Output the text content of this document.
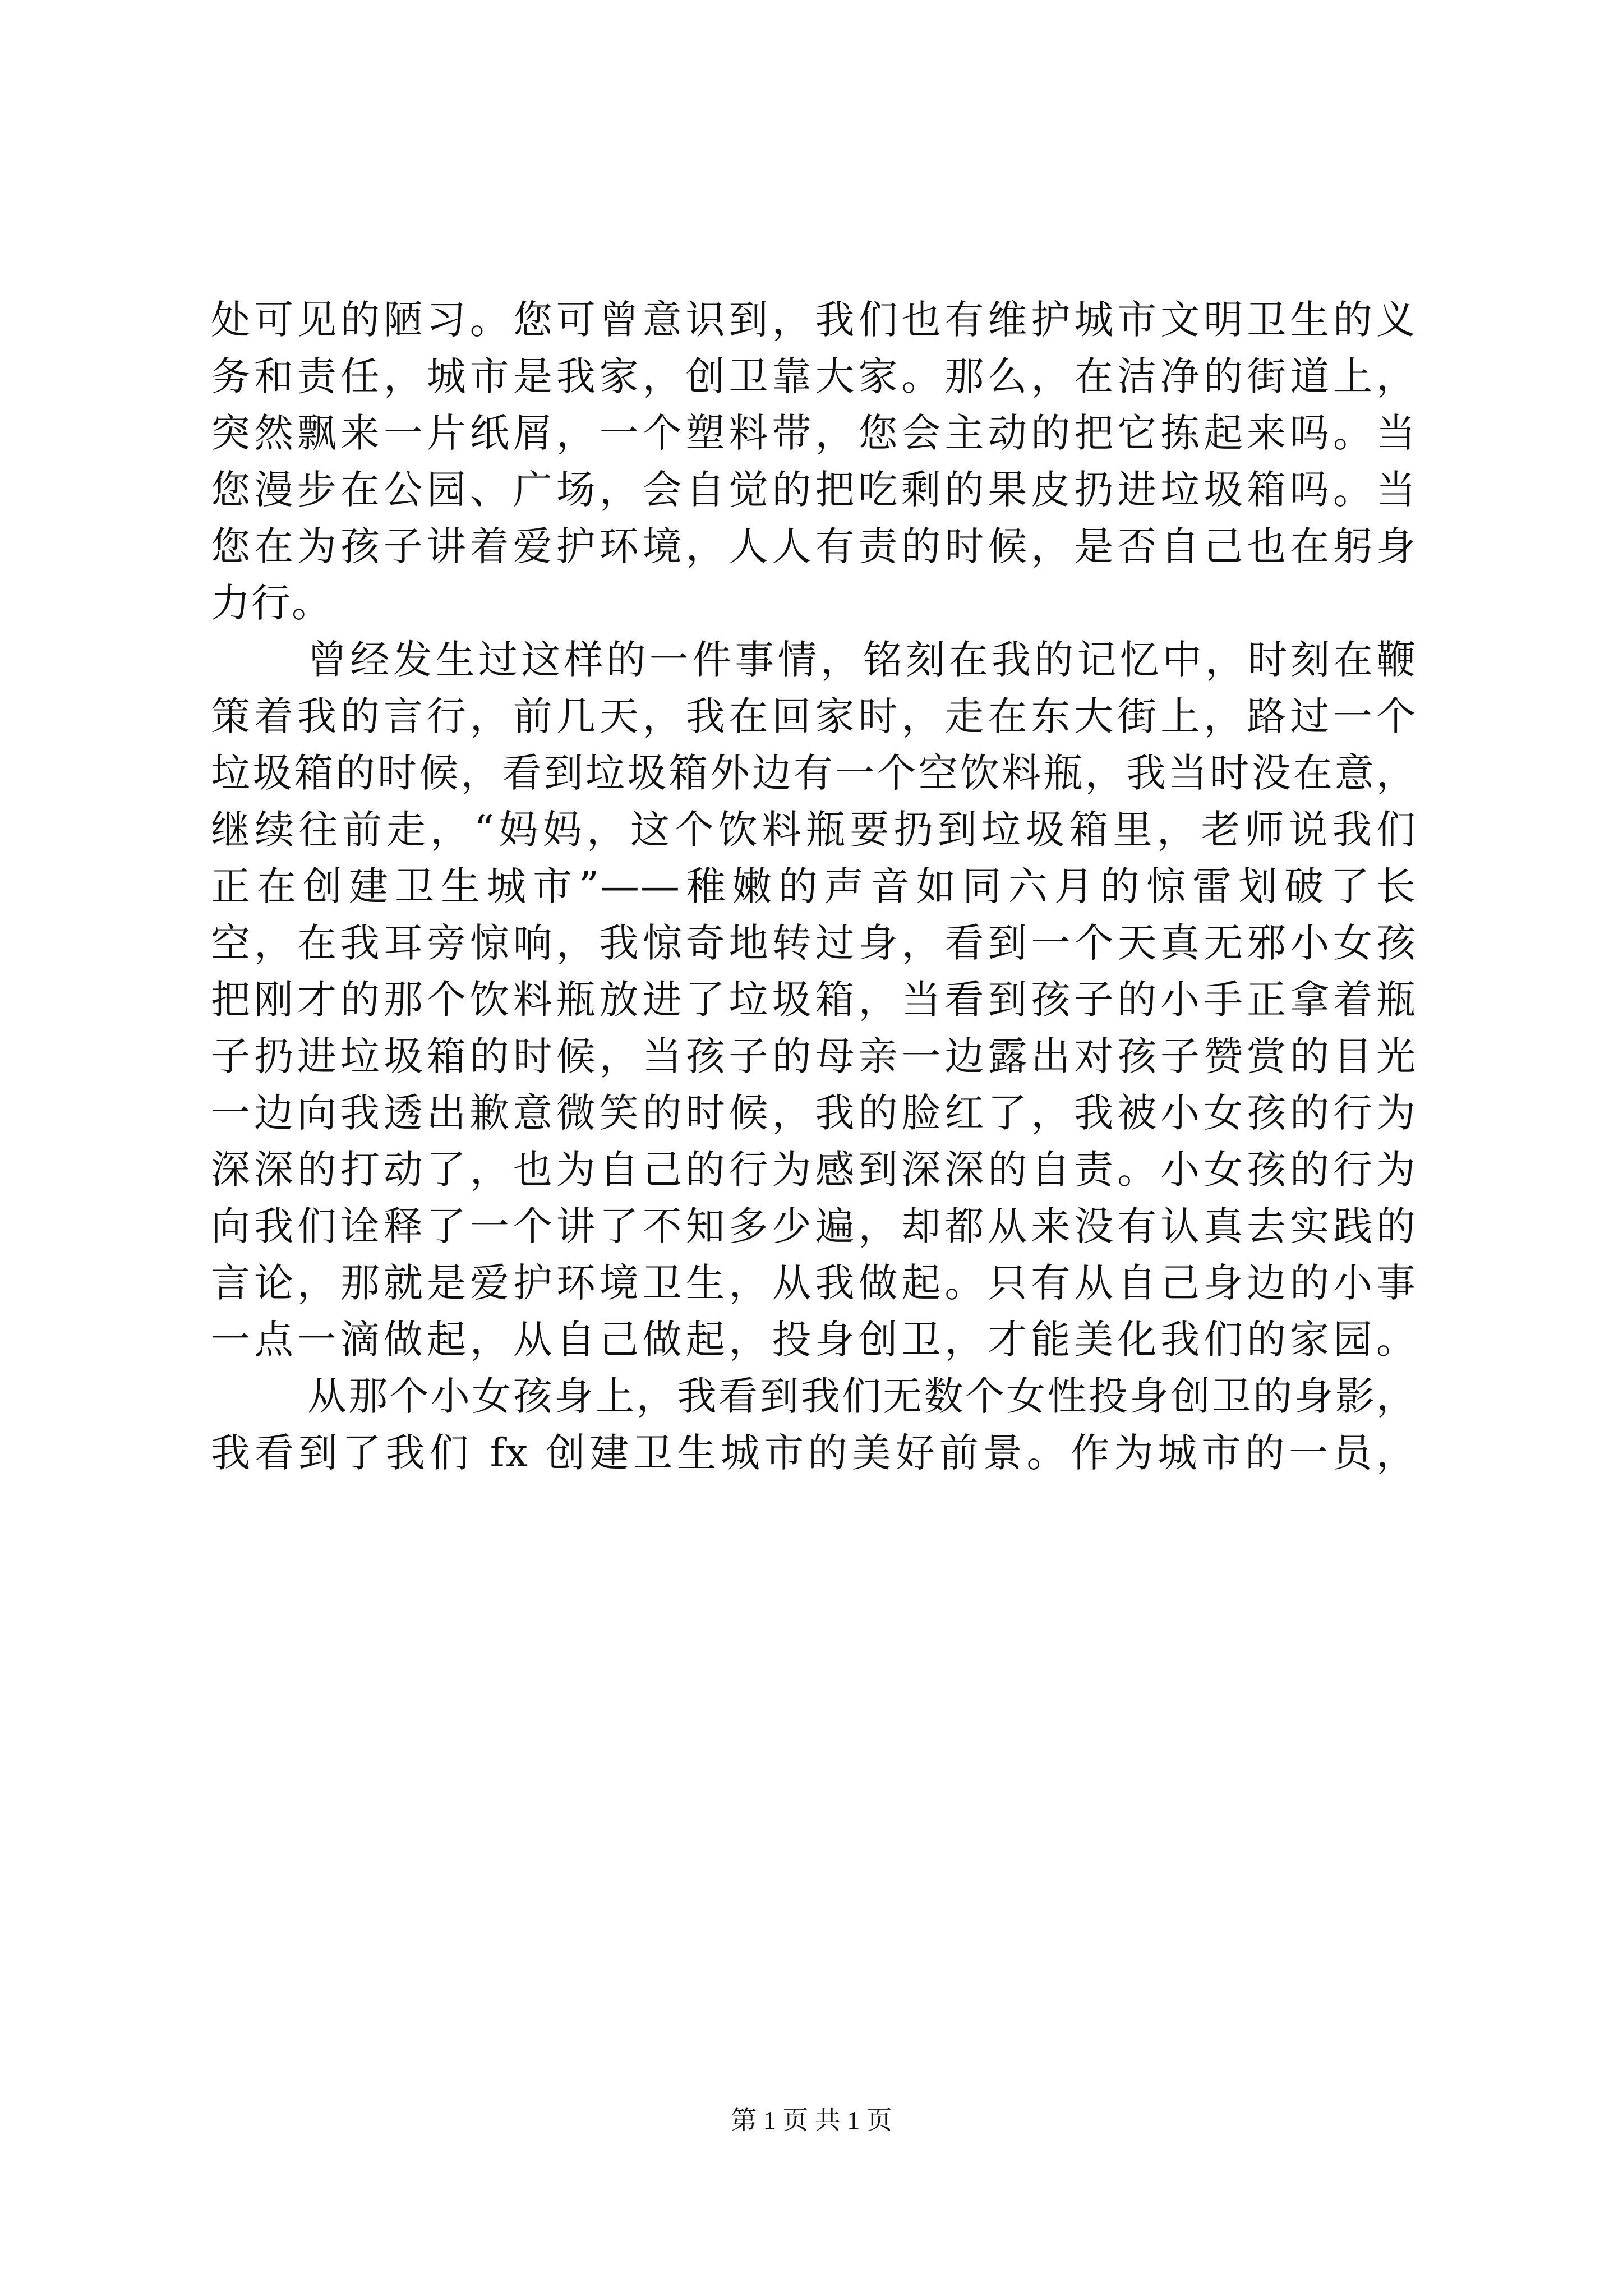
处可见的陋习。您可曾意识到，我们也有维护城市文明卫生的义
务和责任，城市是我家，创卫靠大家。那么，在洁净的街道上，
突然飘来一片纸屑，一个塑料带，您会主动的把它拣起来吗。当
您漫步在公园、广场，会自觉的把吃剩的果皮扔进垃圾箱吗。当
您在为孩子讲着爱护环境，人人有责的时候，是否自己也在躬身
力行。
曾经发生过这样的一件事情，铭刻在我的记忆中，时刻在鞭
策着我的言行，前几天，我在回家时，走在东大街上，路过一个
垃圾箱的时候，看到垃圾箱外边有一个空饮料瓶，我当时没在意，
继续往前走，“妈妈，这个饮料瓶要扔到垃圾箱里，老师说我们
正在创建卫生城市”——稚嫩的声音如同六月的惊雷划破了长
空，在我耳旁惊响，我惊奇地转过身，看到一个天真无邪小女孩
把刚才的那个饮料瓶放进了垃圾箱，当看到孩子的小手正拿着瓶
子扔进垃圾箱的时候，当孩子的母亲一边露出对孩子赞赏的目光
一边向我透出歉意微笑的时候，我的脸红了，我被小女孩的行为
深深的打动了，也为自己的行为感到深深的自责。小女孩的行为
向我们诠释了一个讲了不知多少遍，却都从来没有认真去实践的
言论，那就是爱护环境卫生，从我做起。只有从自己身边的小事
一点一滴做起，从自己做起，投身创卫，才能美化我们的家园。
从那个小女孩身上，我看到我们无数个女性投身创卫的身影，
我看到了我们 fx 创建卫生城市的美好前景。作为城市的一员，
第 1 页 共 1 页
